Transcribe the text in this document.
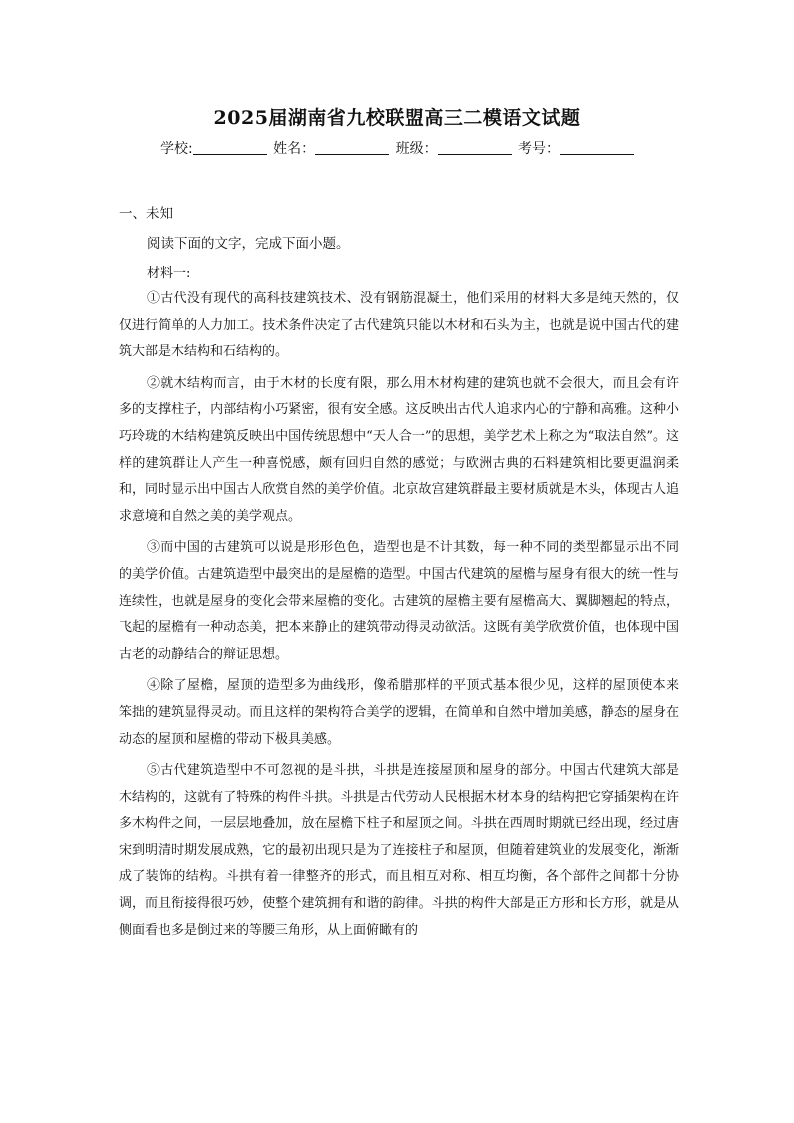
2025届湖南省九校联盟高三二模语文试题
学校:	姓名：	班级：	考号：
一、未知
阅读下面的文字，完成下面小题。
材料一:

①古代没有现代的高科技建筑技术、没有钢筋混凝土，他们采用的材料大多是纯天然的，仅仅进行简单的人力加工。技术条件决定了古代建筑只能以木材和石头为主，也就是说中国古代的建筑大部是木结构和石结构的。

②就木结构而言，由于木材的长度有限，那么用木材构建的建筑也就不会很大，而且会有许多的支撑柱子，内部结构小巧紧密，很有安全感。这反映出古代人追求内心的宁静和高雅。这种小巧玲珑的木结构建筑反映出中国传统思想中“天人合一”的思想，美学艺术上称之为“取法自然”。这样的建筑群让人产生一种喜悦感，颇有回归自然的感觉；与欧洲古典的石料建筑相比要更温润柔和，同时显示出中国古人欣赏自然的美学价值。北京故宫建筑群最主要材质就是木头，体现古人追求意境和自然之美的美学观点。

③而中国的古建筑可以说是形形色色，造型也是不计其数，每一种不同的类型都显示出不同的美学价值。古建筑造型中最突出的是屋檐的造型。中国古代建筑的屋檐与屋身有很大的统一性与连续性，也就是屋身的变化会带来屋檐的变化。古建筑的屋檐主要有屋檐高大、翼脚翘起的特点，飞起的屋檐有一种动态美，把本来静止的建筑带动得灵动欲活。这既有美学欣赏价值，也体现中国古老的动静结合的辩证思想。

④除了屋檐，屋顶的造型多为曲线形，像希腊那样的平顶式基本很少见，这样的屋顶使本来笨拙的建筑显得灵动。而且这样的架构符合美学的逻辑，在简单和自然中增加美感，静态的屋身在动态的屋顶和屋檐的带动下极具美感。

⑤古代建筑造型中不可忽视的是斗拱，斗拱是连接屋顶和屋身的部分。中国古代建筑大部是木结构的，这就有了特殊的构件斗拱。斗拱是古代劳动人民根据木材本身的结构把它穿插架构在许多木构件之间，一层层地叠加，放在屋檐下柱子和屋顶之间。斗拱在西周时期就已经出现，经过唐宋到明清时期发展成熟，它的最初出现只是为了连接柱子和屋顶，但随着建筑业的发展变化，渐渐成了装饰的结构。斗拱有着一律整齐的形式，而且相互对称、相互均衡，各个部件之间都十分协调，而且衔接得很巧妙，使整个建筑拥有和谐的韵律。斗拱的构件大部是正方形和长方形，就是从侧面看也多是倒过来的等腰三角形，从上面俯瞰有的
